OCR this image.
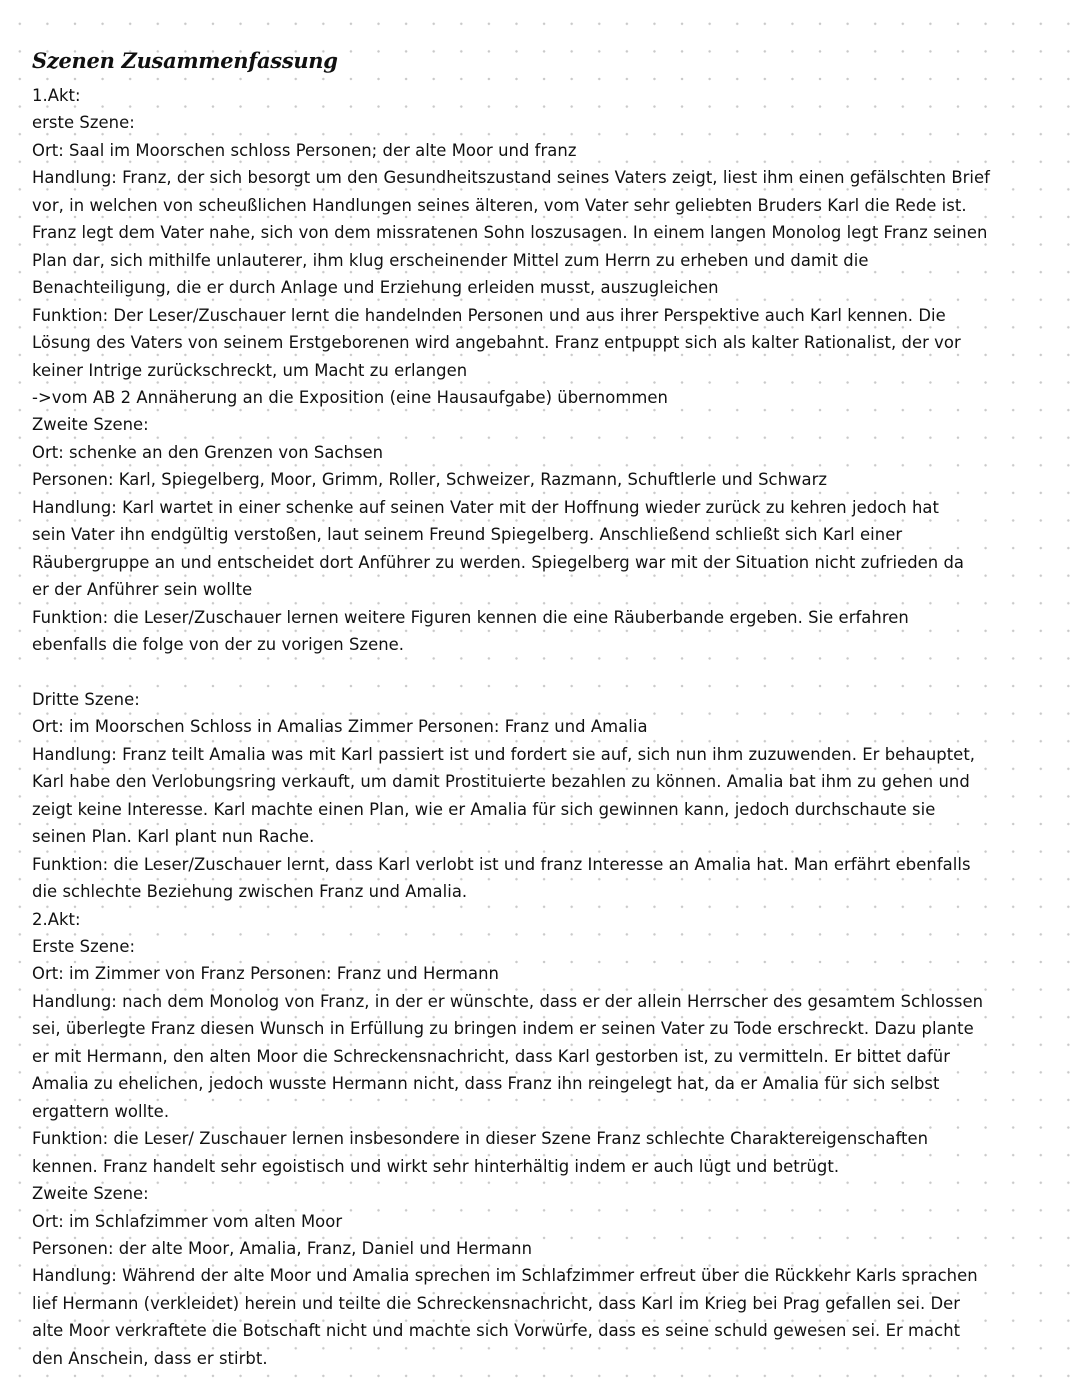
Szenen Zusammenfassung
1.Akt:
erste Szene:
Ort: Saal im Moorschen schloss Personen; der alte Moor und franz
Handlung: Franz, der sich besorgt um den Gesundheitszustand seines Vaters zeigt, liest ihm einen gefälschten Brief
vor, in welchen von scheußlichen Handlungen seines älteren, vom Vater sehr geliebten Bruders Karl die Rede ist.
Franz legt dem Vater nahe, sich von dem missratenen Sohn loszusagen. In einem langen Monolog legt Franz seinen
Plan dar, sich mithilfe unlauterer, ihm klug erscheinender Mittel zum Herrn zu erheben und damit die
Benachteiligung, die er durch Anlage und Erziehung erleiden musst, auszugleichen
Funktion: Der Leser/Zuschauer lernt die handelnden Personen und aus ihrer Perspektive auch Karl kennen. Die
Lösung des Vaters von seinem Erstgeborenen wird angebahnt. Franz entpuppt sich als kalter Rationalist, der vor
keiner Intrige zurückschreckt, um Macht zu erlangen
->vom AB 2 Annäherung an die Exposition (eine Hausaufgabe) übernommen
Zweite Szene:
Ort: schenke an den Grenzen von Sachsen
Personen: Karl, Spiegelberg, Moor, Grimm, Roller, Schweizer, Razmann, Schuftlerle und Schwarz
Handlung: Karl wartet in einer schenke auf seinen Vater mit der Hoffnung wieder zurück zu kehren jedoch hat
sein Vater ihn endgültig verstoßen, laut seinem Freund Spiegelberg. Anschließend schließt sich Karl einer
Räubergruppe an und entscheidet dort Anführer zu werden. Spiegelberg war mit der Situation nicht zufrieden da
er der Anführer sein wollte
Funktion: die Leser/Zuschauer lernen weitere Figuren kennen die eine Räuberbande ergeben. Sie erfahren
ebenfalls die folge von der zu vorigen Szene.
Dritte Szene:
Ort: im Moorschen Schloss in Amalias Zimmer Personen: Franz und Amalia
Handlung: Franz teilt Amalia was mit Karl passiert ist und fordert sie auf, sich nun ihm zuzuwenden. Er behauptet,
Karl habe den Verlobungsring verkauft, um damit Prostituierte bezahlen zu können. Amalia bat ihm zu gehen und
zeigt keine Interesse. Karl machte einen Plan, wie er Amalia für sich gewinnen kann, jedoch durchschaute sie
seinen Plan. Karl plant nun Rache.
Funktion: die Leser/Zuschauer lernt, dass Karl verlobt ist und franz Interesse an Amalia hat. Man erfährt ebenfalls
die schlechte Beziehung zwischen Franz und Amalia.
2.Akt:
Erste Szene:
Ort: im Zimmer von Franz Personen: Franz und Hermann
Handlung: nach dem Monolog von Franz, in der er wünschte, dass er der allein Herrscher des gesamtem Schlossen
sei, überlegte Franz diesen Wunsch in Erfüllung zu bringen indem er seinen Vater zu Tode erschreckt. Dazu plante
er mit Hermann, den alten Moor die Schreckensnachricht, dass Karl gestorben ist, zu vermitteln. Er bittet dafür
Amalia zu ehelichen, jedoch wusste Hermann nicht, dass Franz ihn reingelegt hat, da er Amalia für sich selbst
ergattern wollte.
Funktion: die Leser/ Zuschauer lernen insbesondere in dieser Szene Franz schlechte Charaktereigenschaften
kennen. Franz handelt sehr egoistisch und wirkt sehr hinterhältig indem er auch lügt und betrügt.
Zweite Szene:
Ort: im Schlafzimmer vom alten Moor
Personen: der alte Moor, Amalia, Franz, Daniel und Hermann
Handlung: Während der alte Moor und Amalia sprechen im Schlafzimmer erfreut über die Rückkehr Karls sprachen
lief Hermann (verkleidet) herein und teilte die Schreckensnachricht, dass Karl im Krieg bei Prag gefallen sei. Der
alte Moor verkraftete die Botschaft nicht und machte sich Vorwürfe, dass es seine schuld gewesen sei. Er macht
den Anschein, dass er stirbt.
